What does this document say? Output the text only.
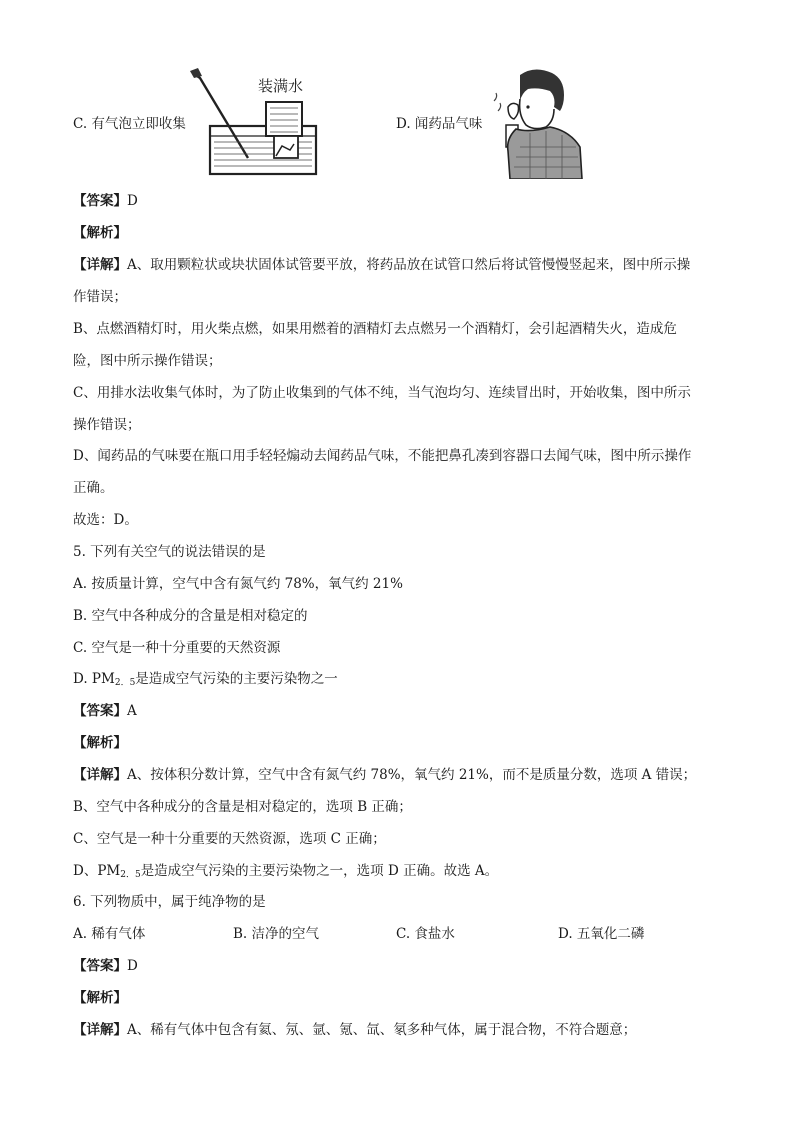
C. 有气泡立即收集
装满水
D. 闻药品气味
【答案】D
【解析】
【详解】A、取用颗粒状或块状固体试管要平放，将药品放在试管口然后将试管慢慢竖起来，图中所示操
作错误；
B、点燃酒精灯时，用火柴点燃，如果用燃着的酒精灯去点燃另一个酒精灯，会引起酒精失火，造成危
险，图中所示操作错误；
C、用排水法收集气体时，为了防止收集到的气体不纯，当气泡均匀、连续冒出时，开始收集，图中所示
操作错误；
D、闻药品的气味要在瓶口用手轻轻煽动去闻药品气味，不能把鼻孔凑到容器口去闻气味，图中所示操作
正确。
故选：D。
5. 下列有关空气的说法错误的是
A. 按质量计算，空气中含有氮气约 78%，氧气约 21%
B. 空气中各种成分的含量是相对稳定的
C. 空气是一种十分重要的天然资源
D. $PM_{2.5}$是造成空气污染的主要污染物之一
【答案】A
【解析】
【详解】A、按体积分数计算，空气中含有氮气约 78%，氧气约 21%，而不是质量分数，选项 A 错误；
B、空气中各种成分的含量是相对稳定的，选项 B 正确；
C、空气是一种十分重要的天然资源，选项 C 正确；
D、$PM_{2.5}$是造成空气污染的主要污染物之一，选项 D 正确。故选 A。
6. 下列物质中，属于纯净物的是
A. 稀有气体	B. 洁净的空气	C. 食盐水	D. 五氧化二磷
【答案】D
【解析】
【详解】A、稀有气体中包含有氦、氖、氩、氪、氙、氡多种气体，属于混合物，不符合题意；
